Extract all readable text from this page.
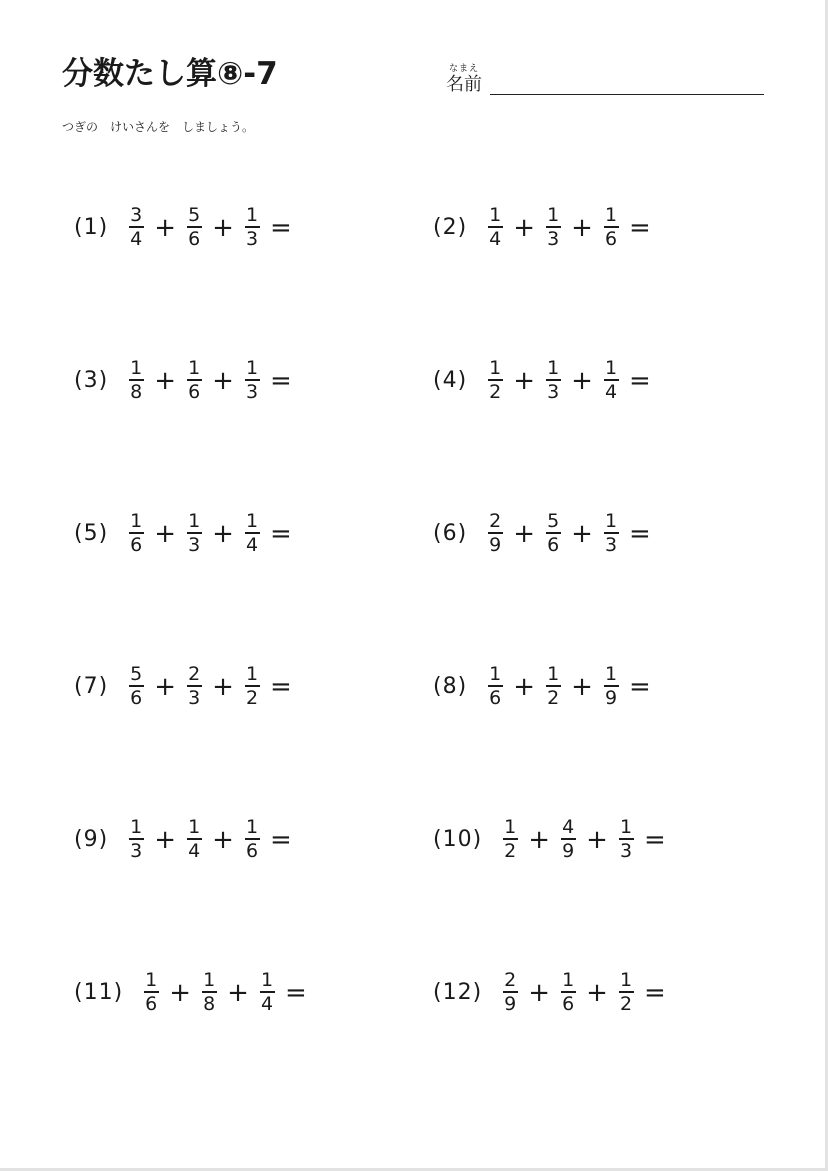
分数たし算⑧-7	なまえ
名前
つぎの　けいさんを　しましょう。
$(1) \frac{3}{4} + \frac{5}{6} + \frac{1}{3}$ =	$(2) \frac{1}{4} + \frac{1}{3} + \frac{1}{6}$ =
$(3) \frac{1}{8} + \frac{1}{6} + \frac{1}{3}$ =	$(4) \frac{1}{2} + \frac{1}{3} + \frac{1}{4}$ =
$(5) \frac{1}{6} + \frac{1}{3} + \frac{1}{4}$ =	$(6) \frac{2}{9} + \frac{5}{6} + \frac{1}{3}$ =
$(7) \frac{5}{6} + \frac{2}{3} + \frac{1}{2}$ =	$(8) \frac{1}{6} + \frac{1}{2} + \frac{1}{9}$ =
$(9) \frac{1}{3} + \frac{1}{4} + \frac{1}{6}$ =	$(10) \frac{1}{2} + \frac{4}{9} + \frac{1}{3}$ =
$(11) \frac{1}{6} + \frac{1}{8} + \frac{1}{4}$ =	$(12) \frac{2}{9} + \frac{1}{6} + \frac{1}{2}$ =
